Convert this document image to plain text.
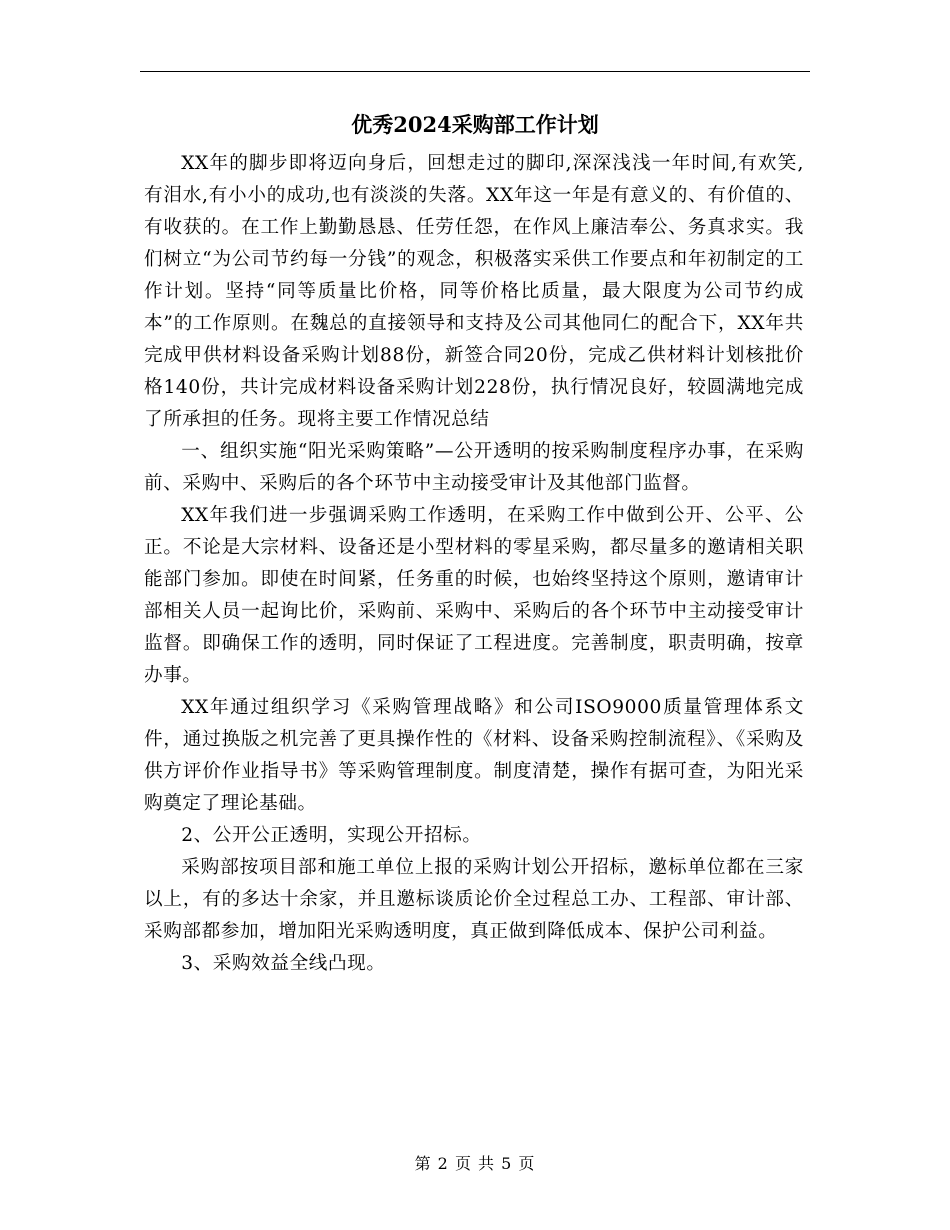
优秀2024采购部工作计划

XX年的脚步即将迈向身后，回想走过的脚印,深深浅浅一年时间,有欢笑,有泪水,有小小的成功,也有淡淡的失落。XX年这一年是有意义的、有价值的、有收获的。在工作上勤勤恳恳、任劳任怨，在作风上廉洁奉公、务真求实。我们树立“为公司节约每一分钱”的观念，积极落实采供工作要点和年初制定的工作计划。坚持“同等质量比价格，同等价格比质量，最大限度为公司节约成本”的工作原则。在魏总的直接领导和支持及公司其他同仁的配合下，XX年共完成甲供材料设备采购计划88份，新签合同20份，完成乙供材料计划核批价格140份，共计完成材料设备采购计划228份，执行情况良好，较圆满地完成了所承担的任务。现将主要工作情况总结

一、组织实施“阳光采购策略”—公开透明的按采购制度程序办事，在采购前、采购中、采购后的各个环节中主动接受审计及其他部门监督。

XX年我们进一步强调采购工作透明，在采购工作中做到公开、公平、公正。不论是大宗材料、设备还是小型材料的零星采购，都尽量多的邀请相关职能部门参加。即使在时间紧，任务重的时候，也始终坚持这个原则，邀请审计部相关人员一起询比价，采购前、采购中、采购后的各个环节中主动接受审计监督。即确保工作的透明，同时保证了工程进度。完善制度，职责明确，按章办事。

XX年通过组织学习《采购管理战略》和公司ISO9000质量管理体系文件，通过换版之机完善了更具操作性的《材料、设备采购控制流程》、《采购及供方评价作业指导书》等采购管理制度。制度清楚，操作有据可查，为阳光采购奠定了理论基础。

2、公开公正透明，实现公开招标。

采购部按项目部和施工单位上报的采购计划公开招标，邀标单位都在三家以上，有的多达十余家，并且邀标谈质论价全过程总工办、工程部、审计部、采购部都参加，增加阳光采购透明度，真正做到降低成本、保护公司利益。

3、采购效益全线凸现。

第 2 页 共 5 页
